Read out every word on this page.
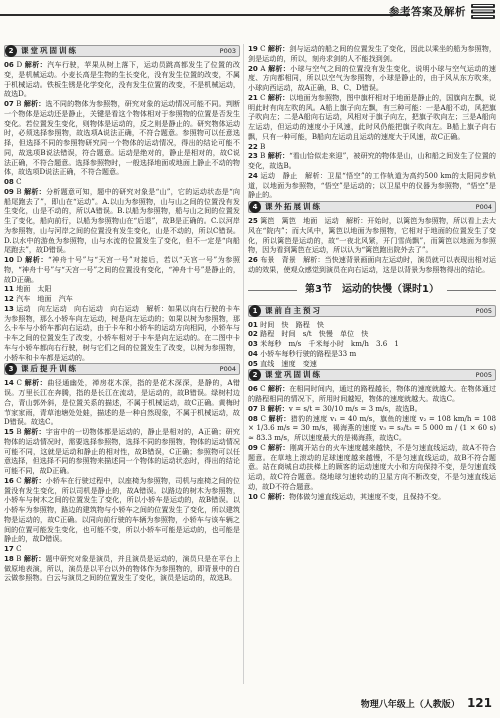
参考答案及解析
2	课堂巩固训练	P003
06 D 解析：汽车行驶，苹果从树上落下，运动员跳高都发生了位置的改变，是机械运动。小麦长高是生物的生长变化，没有发生位置的改变，不属于机械运动。铁板生锈是化学变化，没有发生位置的改变，不是机械运动，故选D。
07 B 解析：选不同的物体为参照物，研究对象的运动情况可能不同。判断一个物体是运动还是静止，关键是看这个物体相对于参照物的位置是否发生变化。若位置发生变化，则物体是运动的，反之则是静止的。研究物体运动时，必须选择参照物，故选项A说法正确，不符合题意。参照物可以任意选择，但选择不同的参照物研究同一个物体的运动情况，得出的结论可能不同，故选项B说法错误，符合题意。运动是绝对的，静止是相对的，故C说法正确，不符合题意。选择参照物时，一般选择地面或地面上静止不动的物体，故选项D说法正确，不符合题意。
08 C
09 B 解析：分析题意可知，题中的研究对象是“山”，它的运动状态是“向船尾跑去了”，即山在“运动”。A.以山为参照物，山与山之间的位置没有发生变化，山是不动的，所以A错误。B.以船为参照物，船与山之间的位置发生了变化，船向前行，以船为参照物山在“后退”，故B是正确的。C.以河岸为参照物，山与河岸之间的位置没有发生变化，山是不动的，所以C错误。D.以水中的游鱼为参照物，山与水流的位置发生了变化，但不一定是“向船尾跑去”，故D错误。
10 D 解析：“神舟十号”与“天宫一号”对接后，若以“天宫一号”为参照物，“神舟十号”与“天宫一号”之间的位置没有变化，“神舟十号”是静止的，故D正确。
11 地面　太阳
12 汽车　地面　汽车
13 运动　向左运动　向右运动　向右运动　解析：如果以向右行驶的卡车为参照物，那么小轿车向左运动，树是向左运动的；如果以树为参照物，那么卡车与小轿车都向右运动，由于卡车和小轿车的运动方向相同，小轿车与卡车之间的位置发生了改变，小轿车相对于卡车是向左运动的。在二图中卡车与小轿车都向右行驶，树与它们之间的位置发生了改变，以树为参照物，小轿车和卡车都是运动的。
3	课后提升训练	P004
14 C 解析：曲径通幽处，禅房花木深，指的是花木深深，是静的，A错误。万里长江在奔腾，指的是长江在流动，是运动的，故B错误。绿树村边合，青山郭外斜，是位置关系的描述，不属于机械运动，故C正确。黄梅时节家家雨，青草池塘处处蛙，描述的是一种自然现象，不属于机械运动，故D错误。故选C。
15 B 解析：宇宙中的一切物体都是运动的，静止是相对的，A正确；研究物体的运动情况时，需要选择参照物，选择不同的参照物，物体的运动情况可能不同，这就是运动和静止的相对性，故B错误，C正确；参照物可以任意选择，但选择不同的参照物来描述同一个物体的运动状态时，得出的结论可能不同，故D正确。
16 C 解析：小轿车在行驶过程中，以座椅为参照物，司机与座椅之间的位置没有发生变化，所以司机是静止的，故A错误。以路边的树木为参照物，小轿车与树木之间的位置发生了变化，所以小轿车是运动的，故B错误。以小轿车为参照物，路边的建筑物与小轿车之间的位置发生了变化，所以建筑物是运动的，故C正确。以同向前行驶的车辆为参照物，小轿车与该车辆之间的位置可能发生变化，也可能不变，所以小轿车可能是运动的，也可能是静止的，故D错误。
17 C
18 B 解析：题中研究对象是演员，并且演员是运动的，演员只是在平台上做原地表演，所以，演员是以平台以外的物体作为参照物的，即背景中的白云做参照物。白云与演员之间的位置发生了变化，演员是运动的，故选B。
19 C 解析：剑与运动的船之间的位置发生了变化，因此以乘坐的船为参照物，剑是运动的，所以，刻舟求剑的人不能找到剑。
20 A 解析：小球与空气之间的位置没有发生变化，说明小球与空气运动的速度、方向都相同，所以以空气为参照物，小球是静止的，由于风从东方吹来，小球向西运动，故A正确，B、C、D错误。
21 C 解析：以地面为参照物，图中旗杆相对于地面是静止的，国旗向左飘，说明此时有向左吹的风。A船上旗子向左飘，有三种可能：一是A船不动，风把旗子吹向左；二是A船向右运动，风相对于旗子向左，把旗子吹向左；三是A船向左运动，但运动的速度小于风速，此时风仍能把旗子吹向左。B船上旗子向右飘，只有一种可能，B船向左运动且运动的速度大于风速，故C正确。
22 B
23 B 解析：“看山恰似走来迎”，被研究的物体是山，山和船之间发生了位置的变化，故选B。
24 运动　静止　解析：卫星“悟空”的工作轨道为高约500 km的太阳同步轨道，以地面为参照物，“悟空”是运动的；以卫星中的仪器为参照物，“悟空”是静止的。
4	课外拓展训练	P004
25 篱笆　篱笆　地面　运动　解析：开始时，以篱笆为参照物，所以看上去大风在“院内”；而大风中，篱笆以地面为参照物，它相对于地面的位置发生了变化，所以篱笆是运动的，故“一夜北风紧，开门雪尚飘”，而篱笆以地面为参照物，因为看到篱笆在运动，所以认为“篱笆跑出院外去了”。
26 布景　背景　解析：当快速背景画面向左运动时，演员就可以表现出相对运动的效果，使观众感觉到演员在向右运动，这是以背景为参照物得出的结论。
第3节　运动的快慢（课时1）
1	课前自主预习	P005
01 时间　快　路程　快
02 路程　时间　s/t　快慢　单位　快
03 米每秒　m/s　千米每小时　km/h　3.6　1
04 小轿车每秒行驶的路程是33 m
05 直线　速度　变速
2	课堂巩固训练	P005
06 C 解析：在相同时间内，通过的路程越长，物体的速度就越大。在物体通过的路程相同的情况下，所用时间越短，物体的速度就越大。故选C。
07 B 解析：v = s/t = 30/10 m/s = 3 m/s，故选B。
08 C 解析：猎豹的速度 v₁ = 40 m/s，旗鱼的速度 v₂ = 108 km/h = 108 × 1/3.6 m/s = 30 m/s，褐海燕的速度 v₃ = s₃/t₃ = 5 000 m / (1 × 60 s) ≈ 83.3 m/s，所以速度最大的是褐海燕，故选C。
09 C 解析：刚离开站台的火车速度越来越快，不是匀速直线运动，故A不符合题意。在草地上滚动的足球速度越来越慢，不是匀速直线运动，故B不符合题意。站在商城自动扶梯上的顾客的运动速度大小和方向保持不变，是匀速直线运动，故C符合题意。绕地球匀速转动的卫星方向不断改变，不是匀速直线运动，故D不符合题意。
10 C 解析：物体做匀速直线运动，其速度不变，且保持不变。
物理八年级上（人教版） 121
